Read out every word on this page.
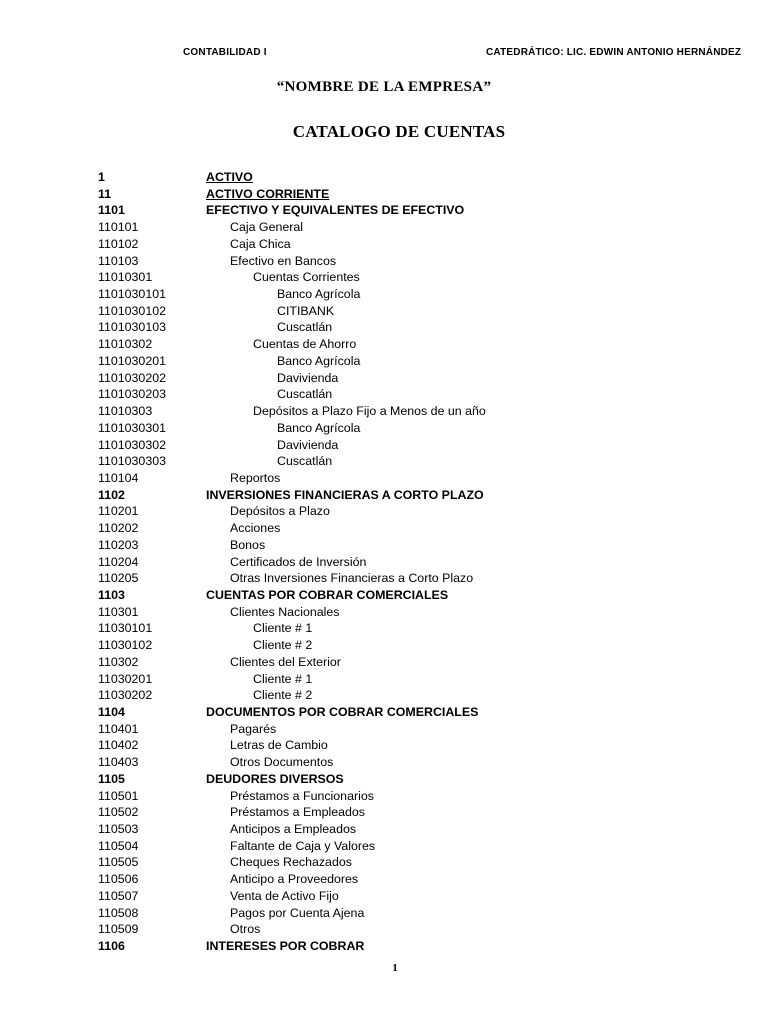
CONTABILIDAD I	CATEDRÁTICO: LIC. EDWIN ANTONIO HERNÁNDEZ
“NOMBRE DE LA EMPRESA”
CATALOGO DE CUENTAS
1	ACTIVO
11	ACTIVO CORRIENTE
1101	EFECTIVO Y EQUIVALENTES DE EFECTIVO
110101	Caja General
110102	Caja Chica
110103	Efectivo en Bancos
11010301	Cuentas Corrientes
1101030101	Banco Agrícola
1101030102	CITIBANK
1101030103	Cuscatlán
11010302	Cuentas de Ahorro
1101030201	Banco Agrícola
1101030202	Davivienda
1101030203	Cuscatlán
11010303	Depósitos a Plazo Fijo a Menos de un año
1101030301	Banco Agrícola
1101030302	Davivienda
1101030303	Cuscatlán
110104	Reportos
1102	INVERSIONES FINANCIERAS A CORTO PLAZO
110201	Depósitos a Plazo
110202	Acciones
110203	Bonos
110204	Certificados de Inversión
110205	Otras Inversiones Financieras a Corto Plazo
1103	CUENTAS POR COBRAR COMERCIALES
110301	Clientes Nacionales
11030101	Cliente # 1
11030102	Cliente # 2
110302	Clientes del Exterior
11030201	Cliente # 1
11030202	Cliente # 2
1104	DOCUMENTOS POR COBRAR COMERCIALES
110401	Pagarés
110402	Letras de Cambio
110403	Otros Documentos
1105	DEUDORES DIVERSOS
110501	Préstamos a Funcionarios
110502	Préstamos a Empleados
110503	Anticipos a Empleados
110504	Faltante de Caja y Valores
110505	Cheques Rechazados
110506	Anticipo a Proveedores
110507	Venta de Activo Fijo
110508	Pagos por Cuenta Ajena
110509	Otros
1106	INTERESES POR COBRAR
1
